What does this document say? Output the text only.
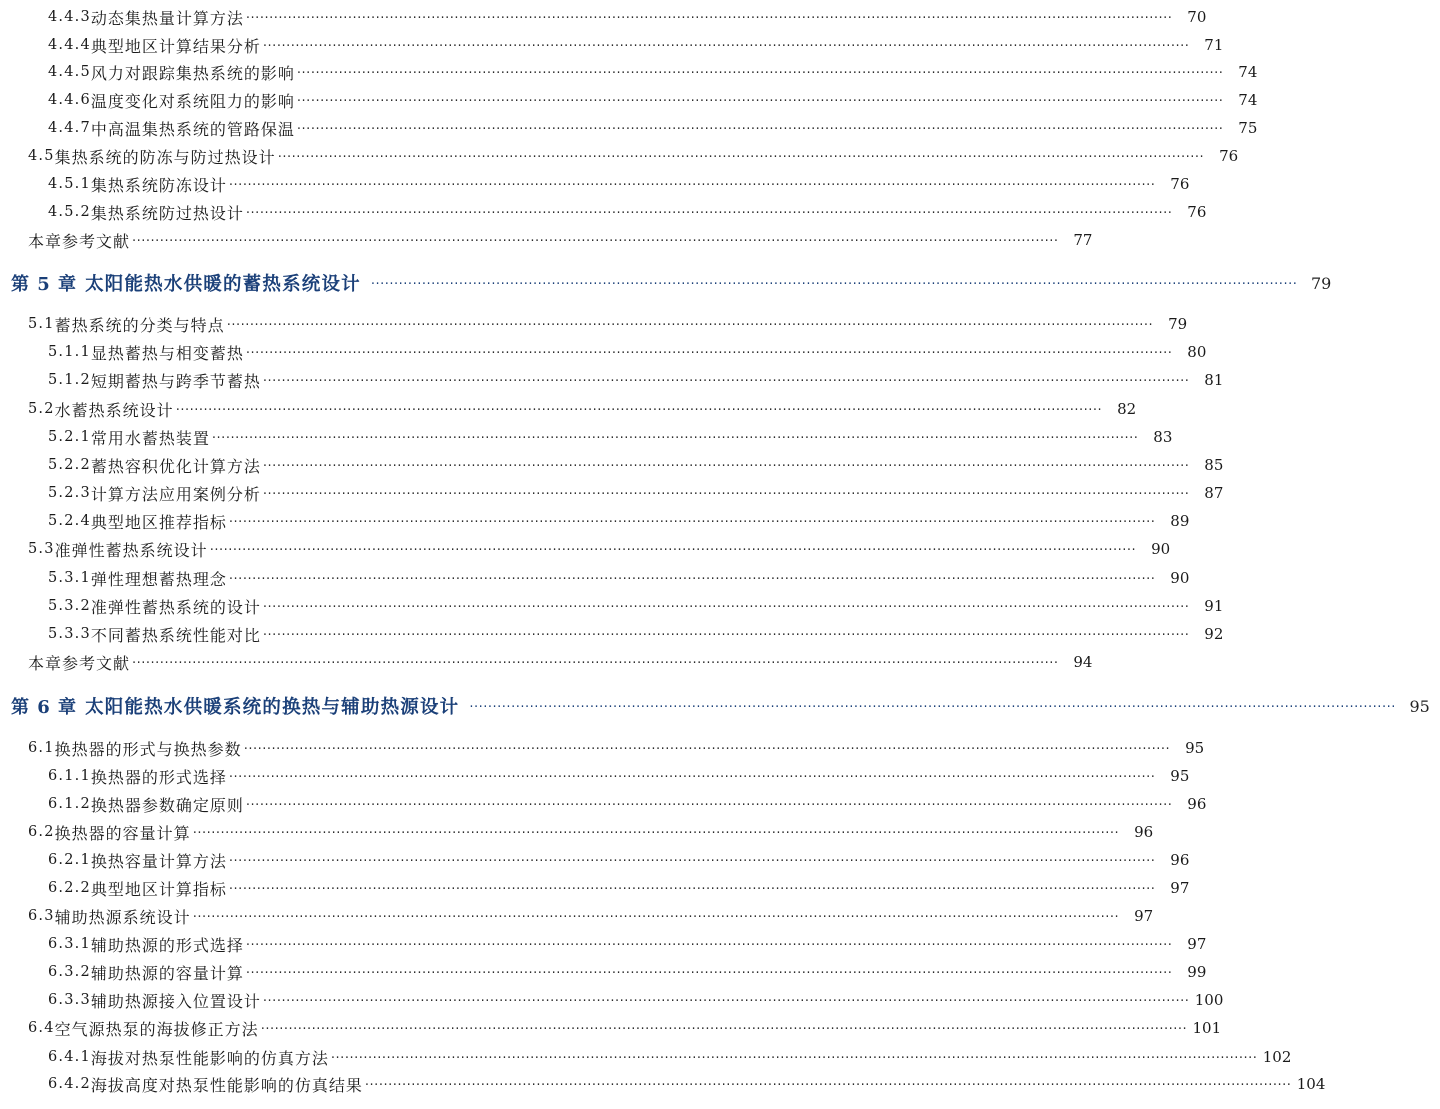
4.4.3 动态集热量计算方法 ········································································································································································································ 70
4.4.4 典型地区计算结果分析 ········································································································································································································ 71
4.4.5 风力对跟踪集热系统的影响 ········································································································································································································ 74
4.4.6 温度变化对系统阻力的影响 ········································································································································································································ 74
4.4.7 中高温集热系统的管路保温 ········································································································································································································ 75
4.5 集热系统的防冻与防过热设计 ········································································································································································································ 76
4.5.1 集热系统防冻设计 ········································································································································································································ 76
4.5.2 集热系统防过热设计 ········································································································································································································ 76
本章参考文献 ········································································································································································································ 77
第 5 章 太阳能热水供暖的蓄热系统设计 ········································································································································································································ 79
5.1 蓄热系统的分类与特点 ········································································································································································································ 79
5.1.1 显热蓄热与相变蓄热 ········································································································································································································ 80
5.1.2 短期蓄热与跨季节蓄热 ········································································································································································································ 81
5.2 水蓄热系统设计 ········································································································································································································ 82
5.2.1 常用水蓄热装置 ········································································································································································································ 83
5.2.2 蓄热容积优化计算方法 ········································································································································································································ 85
5.2.3 计算方法应用案例分析 ········································································································································································································ 87
5.2.4 典型地区推荐指标 ········································································································································································································ 89
5.3 准弹性蓄热系统设计 ········································································································································································································ 90
5.3.1 弹性理想蓄热理念 ········································································································································································································ 90
5.3.2 准弹性蓄热系统的设计 ········································································································································································································ 91
5.3.3 不同蓄热系统性能对比 ········································································································································································································ 92
本章参考文献 ········································································································································································································ 94
第 6 章 太阳能热水供暖系统的换热与辅助热源设计 ········································································································································································································ 95
6.1 换热器的形式与换热参数 ········································································································································································································ 95
6.1.1 换热器的形式选择 ········································································································································································································ 95
6.1.2 换热器参数确定原则 ········································································································································································································ 96
6.2 换热器的容量计算 ········································································································································································································ 96
6.2.1 换热容量计算方法 ········································································································································································································ 96
6.2.2 典型地区计算指标 ········································································································································································································ 97
6.3 辅助热源系统设计 ········································································································································································································ 97
6.3.1 辅助热源的形式选择 ········································································································································································································ 97
6.3.2 辅助热源的容量计算 ········································································································································································································ 99
6.3.3 辅助热源接入位置设计 ········································································································································································································ 100
6.4 空气源热泵的海拔修正方法 ········································································································································································································ 101
6.4.1 海拔对热泵性能影响的仿真方法 ········································································································································································································ 102
6.4.2 海拔高度对热泵性能影响的仿真结果 ········································································································································································································ 104
